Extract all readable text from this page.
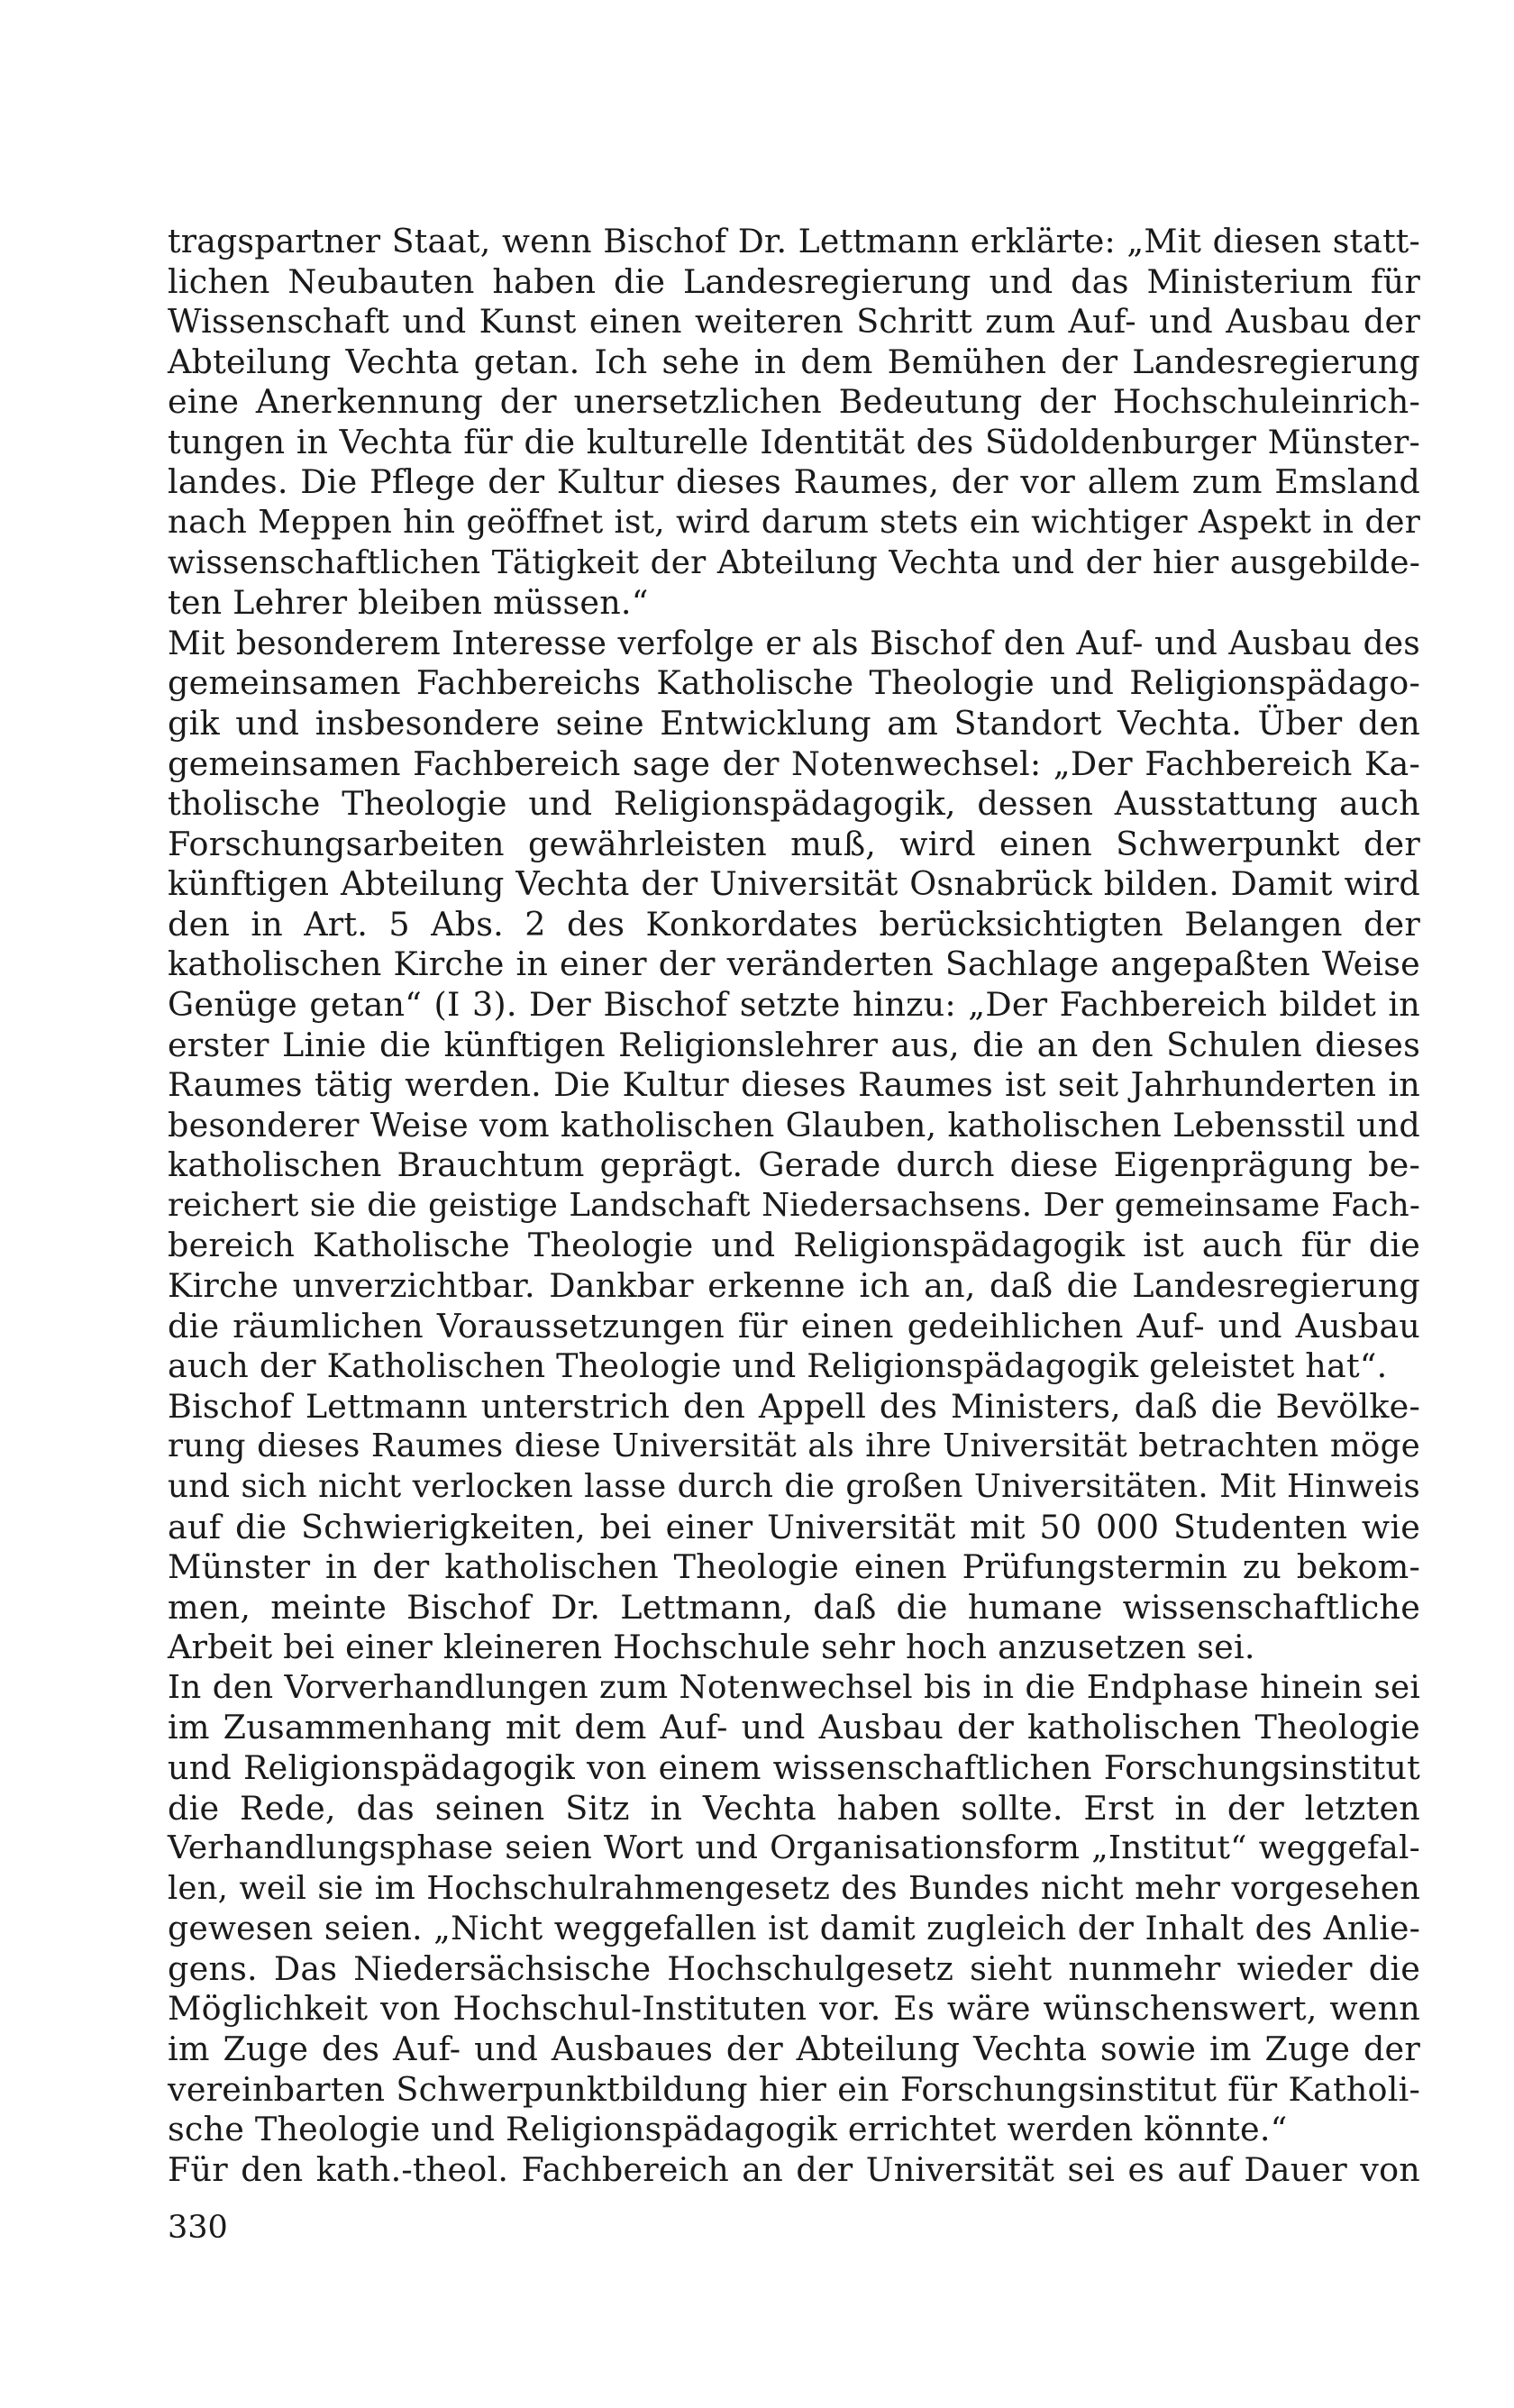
tragspartner Staat, wenn Bischof Dr. Lettmann erklärte: „Mit diesen statt-
lichen Neubauten haben die Landesregierung und das Ministerium für
Wissenschaft und Kunst einen weiteren Schritt zum Auf- und Ausbau der
Abteilung Vechta getan. Ich sehe in dem Bemühen der Landesregierung
eine Anerkennung der unersetzlichen Bedeutung der Hochschuleinrich-
tungen in Vechta für die kulturelle Identität des Südoldenburger Münster-
landes. Die Pflege der Kultur dieses Raumes, der vor allem zum Emsland
nach Meppen hin geöffnet ist, wird darum stets ein wichtiger Aspekt in der
wissenschaftlichen Tätigkeit der Abteilung Vechta und der hier ausgebilde-
ten Lehrer bleiben müssen.“
Mit besonderem Interesse verfolge er als Bischof den Auf- und Ausbau des
gemeinsamen Fachbereichs Katholische Theologie und Religionspädago-
gik und insbesondere seine Entwicklung am Standort Vechta. Über den
gemeinsamen Fachbereich sage der Notenwechsel: „Der Fachbereich Ka-
tholische Theologie und Religionspädagogik, dessen Ausstattung auch
Forschungsarbeiten gewährleisten muß, wird einen Schwerpunkt der
künftigen Abteilung Vechta der Universität Osnabrück bilden. Damit wird
den in Art. 5 Abs. 2 des Konkordates berücksichtigten Belangen der
katholischen Kirche in einer der veränderten Sachlage angepaßten Weise
Genüge getan“ (I 3). Der Bischof setzte hinzu: „Der Fachbereich bildet in
erster Linie die künftigen Religionslehrer aus, die an den Schulen dieses
Raumes tätig werden. Die Kultur dieses Raumes ist seit Jahrhunderten in
besonderer Weise vom katholischen Glauben, katholischen Lebensstil und
katholischen Brauchtum geprägt. Gerade durch diese Eigenprägung be-
reichert sie die geistige Landschaft Niedersachsens. Der gemeinsame Fach-
bereich Katholische Theologie und Religionspädagogik ist auch für die
Kirche unverzichtbar. Dankbar erkenne ich an, daß die Landesregierung
die räumlichen Voraussetzungen für einen gedeihlichen Auf- und Ausbau
auch der Katholischen Theologie und Religionspädagogik geleistet hat“.
Bischof Lettmann unterstrich den Appell des Ministers, daß die Bevölke-
rung dieses Raumes diese Universität als ihre Universität betrachten möge
und sich nicht verlocken lasse durch die großen Universitäten. Mit Hinweis
auf die Schwierigkeiten, bei einer Universität mit 50 000 Studenten wie
Münster in der katholischen Theologie einen Prüfungstermin zu bekom-
men, meinte Bischof Dr. Lettmann, daß die humane wissenschaftliche
Arbeit bei einer kleineren Hochschule sehr hoch anzusetzen sei.
In den Vorverhandlungen zum Notenwechsel bis in die Endphase hinein sei
im Zusammenhang mit dem Auf- und Ausbau der katholischen Theologie
und Religionspädagogik von einem wissenschaftlichen Forschungsinstitut
die Rede, das seinen Sitz in Vechta haben sollte. Erst in der letzten
Verhandlungsphase seien Wort und Organisationsform „Institut“ weggefal-
len, weil sie im Hochschulrahmengesetz des Bundes nicht mehr vorgesehen
gewesen seien. „Nicht weggefallen ist damit zugleich der Inhalt des Anlie-
gens. Das Niedersächsische Hochschulgesetz sieht nunmehr wieder die
Möglichkeit von Hochschul-Instituten vor. Es wäre wünschenswert, wenn
im Zuge des Auf- und Ausbaues der Abteilung Vechta sowie im Zuge der
vereinbarten Schwerpunktbildung hier ein Forschungsinstitut für Katholi-
sche Theologie und Religionspädagogik errichtet werden könnte.“
Für den kath.-theol. Fachbereich an der Universität sei es auf Dauer von
330
